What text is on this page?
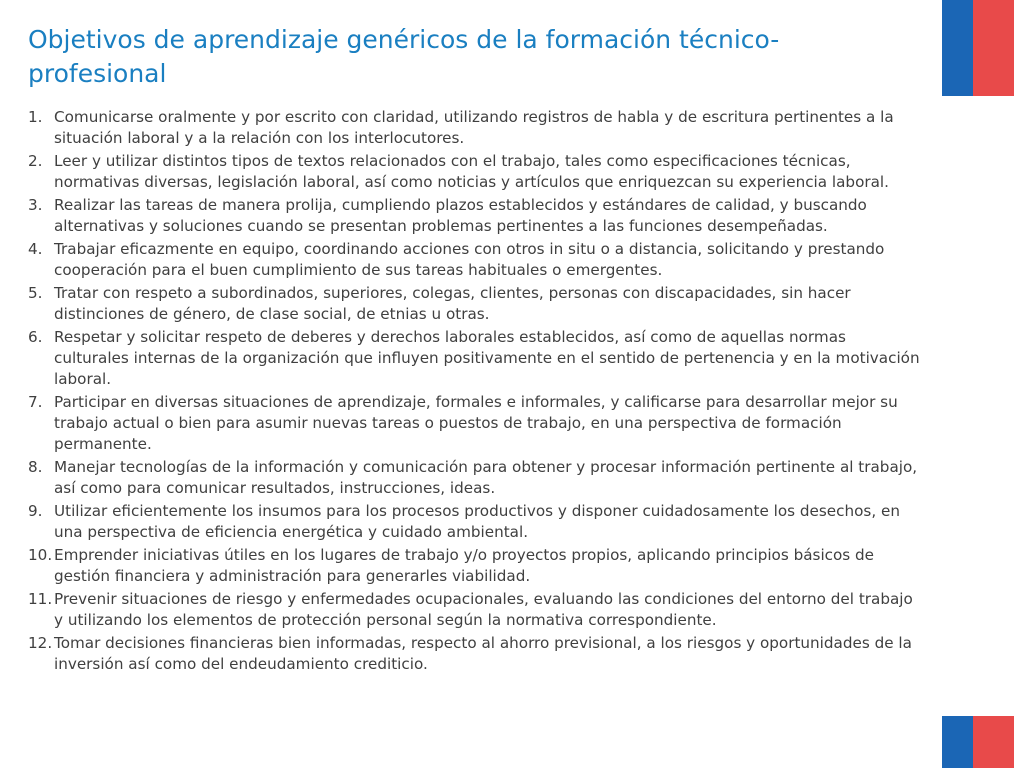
Objetivos de aprendizaje genéricos de la formación técnico-profesional
1. Comunicarse oralmente y por escrito con claridad, utilizando registros de habla y de escritura pertinentes a la situación laboral y a la relación con los interlocutores.
2. Leer y utilizar distintos tipos de textos relacionados con el trabajo, tales como especificaciones técnicas, normativas diversas, legislación laboral, así como noticias y artículos que enriquezcan su experiencia laboral.
3. Realizar las tareas de manera prolija, cumpliendo plazos establecidos y estándares de calidad, y buscando alternativas y soluciones cuando se presentan problemas pertinentes a las funciones desempeñadas.
4. Trabajar eficazmente en equipo, coordinando acciones con otros in situ o a distancia, solicitando y prestando cooperación para el buen cumplimiento de sus tareas habituales o emergentes.
5. Tratar con respeto a subordinados, superiores, colegas, clientes, personas con discapacidades, sin hacer distinciones de género, de clase social, de etnias u otras.
6. Respetar y solicitar respeto de deberes y derechos laborales establecidos, así como de aquellas normas culturales internas de la organización que influyen positivamente en el sentido de pertenencia y en la motivación laboral.
7. Participar en diversas situaciones de aprendizaje, formales e informales, y calificarse para desarrollar mejor su trabajo actual o bien para asumir nuevas tareas o puestos de trabajo, en una perspectiva de formación permanente.
8. Manejar tecnologías de la información y comunicación para obtener y procesar información pertinente al trabajo, así como para comunicar resultados, instrucciones, ideas.
9. Utilizar eficientemente los insumos para los procesos productivos y disponer cuidadosamente los desechos, en una perspectiva de eficiencia energética y cuidado ambiental.
10. Emprender iniciativas útiles en los lugares de trabajo y/o proyectos propios, aplicando principios básicos de gestión financiera y administración para generarles viabilidad.
11. Prevenir situaciones de riesgo y enfermedades ocupacionales, evaluando las condiciones del entorno del trabajo y utilizando los elementos de protección personal según la normativa correspondiente.
12. Tomar decisiones financieras bien informadas, respecto al ahorro previsional, a los riesgos y oportunidades de la inversión así como del endeudamiento crediticio.
